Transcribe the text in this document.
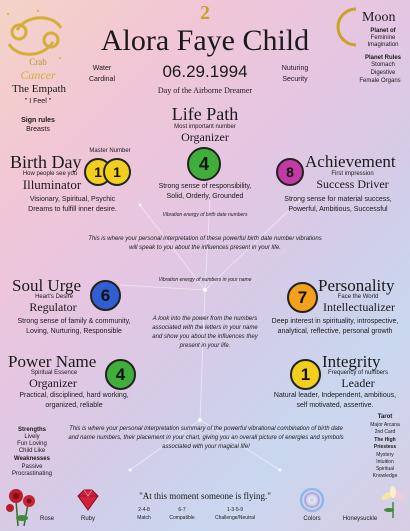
2
Alora Faye Child
Crab
Cancer
The Empath
" I Feel "
Sign rules
Breasts
Water
Cardinal	06.29.1994
Day of the Airborne Dreamer
Nuturing
Security
Moon
Planet of
Feminine
Imagination
Planet Rules
Stomach
Digestive
Female Organs
Life Path
Most important number
Organizer
4
Strong sense of responsibility,
Solid, Orderly, Grounded
Vibration energy of birth date numbers
Master Number
Birth Day
How people see you
Illuminator
1 1
Visionary, Spiritual, Psychic
Dreams to fulfill inner desire.
8
Achievement
First impression
Success Driver
Strong sense for material success,
Powerful, Ambitious, Successful
This is where your personal interpretation of these powerful birth date number vibrations will speak to you about the influences present in your life.
Soul Urge
Heart's Desire
Regulator
6
Strong sense of family & community,
Loving, Nurturing, Responsible
Vibration energy of numbers in your name
A look into the power from the numbers associated with the letters in your name and show you about the influences they present in your life.
7
Personality
Face the World
Intellectualizer
Deep interest in spirituality, introspective,
analytical, reflective, personal growth
Power Name
Spiritual Essence
Organizer	4
Practical, disciplined, hard working,
organized, reliable
1
Integrity
Frequency of numbers
Leader
Natural leader, Independent, ambitious,
self motivated, assertive.
Strengths
Lively
Fun Loving
Child Like
Weaknesses
Passive
Procrastinating
This is where your personal interpretation summary of the powerful vibrational combination of birth date and name numbers, their placement in your chart, giving you an overall picture of energies and symbols associated with your magical life!
Tarot
Major Arcana
2nd Card
The High
Priestess
Mystery
Intuition
Spiritual
Knowledge
Rose	Ruby
"At this moment someone is flying."
2-4-8
Match
6-7
Compatible
1-3-5-9
Challenge/Neutral	Colors	Honeysuckle
